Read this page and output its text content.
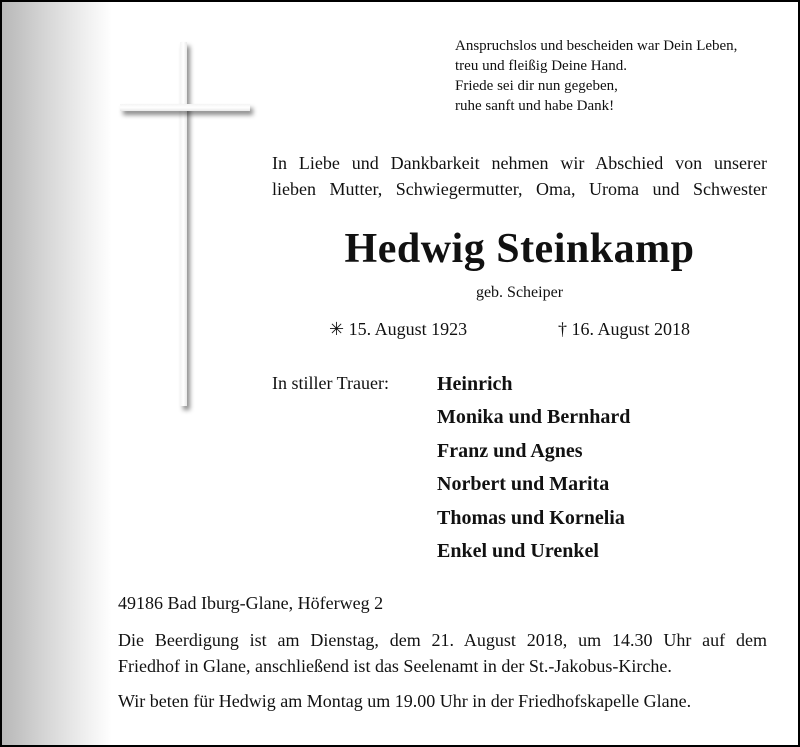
Anspruchslos und bescheiden war Dein Leben,
treu und fleißig Deine Hand.
Friede sei dir nun gegeben,
ruhe sanft und habe Dank!
In Liebe und Dankbarkeit nehmen wir Abschied von unserer
lieben Mutter, Schwiegermutter, Oma, Uroma und Schwester
Hedwig Steinkamp
geb. Scheiper
✳ 15. August 1923	† 16. August 2018
In stiller Trauer: Heinrich
Monika und Bernhard
Franz und Agnes
Norbert und Marita
Thomas und Kornelia
Enkel und Urenkel
49186 Bad Iburg-Glane, Höferweg 2
Die Beerdigung ist am Dienstag, dem 21. August 2018, um 14.30 Uhr auf dem
Friedhof in Glane, anschließend ist das Seelenamt in der St.-Jakobus-Kirche.
Wir beten für Hedwig am Montag um 19.00 Uhr in der Friedhofskapelle Glane.
